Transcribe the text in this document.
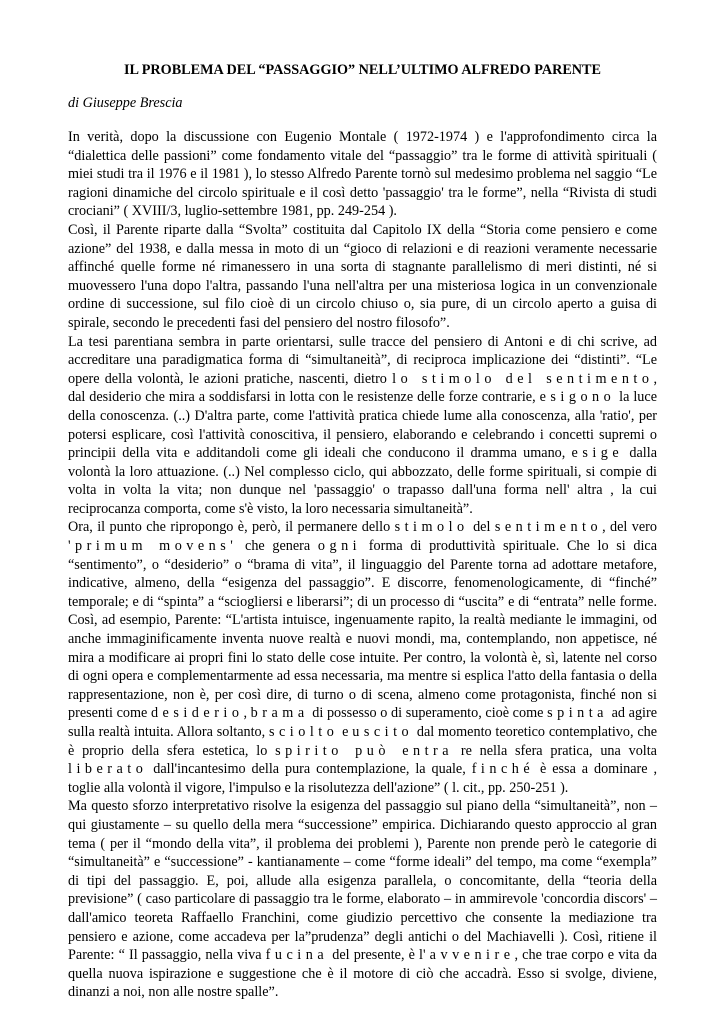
IL PROBLEMA DEL “PASSAGGIO” NELL’ULTIMO ALFREDO PARENTE
di Giuseppe Brescia

In verità, dopo la discussione con Eugenio Montale ( 1972-1974 ) e l'approfondimento circa la “dialettica delle passioni” come fondamento vitale del “passaggio” tra le forme di attività spirituali ( miei studi tra il 1976 e il 1981 ), lo stesso Alfredo Parente tornò sul medesimo problema nel saggio “Le ragioni dinamiche del circolo spirituale e il così detto 'passaggio' tra le forme”, nella “Rivista di studi crociani” ( XVIII/3, luglio-settembre 1981, pp. 249-254 ).

Così, il Parente riparte dalla “Svolta” costituita dal Capitolo IX della “Storia come pensiero e come azione” del 1938, e dalla messa in moto di un “gioco di relazioni e di reazioni veramente necessarie affinché quelle forme né rimanessero in una sorta di stagnante parallelismo di meri distinti, né si muovessero l'una dopo l'altra, passando l'una nell'altra per una misteriosa logica in un convenzionale ordine di successione, sul filo cioè di un circolo chiuso o, sia pure, di un circolo aperto a guisa di spirale, secondo le precedenti fasi del pensiero del nostro filosofo”.

La tesi parentiana sembra in parte orientarsi, sulle tracce del pensiero di Antoni e di chi scrive, ad accreditare una paradigmatica forma di “simultaneità”, di reciproca implicazione dei “distinti”. “Le opere della volontà, le azioni pratiche, nascenti, dietro lo stimolo del sentimento, dal desiderio che mira a soddisfarsi in lotta con le resistenze delle forze contrarie, esigono la luce della conoscenza. (..) D'altra parte, come l'attività pratica chiede lume alla conoscenza, alla 'ratio', per potersi esplicare, così l'attività conoscitiva, il pensiero, elaborando e celebrando i concetti supremi o principii della vita e additandoli come gli ideali che conducono il dramma umano, esige dalla volontà la loro attuazione. (..) Nel complesso ciclo, qui abbozzato, delle forme spirituali, si compie di volta in volta la vita; non dunque nel 'passaggio' o trapasso dall'una forma nell' altra , la cui reciprocanza comporta, come s'è visto, la loro necessaria simultaneità”.

Ora, il punto che ripropongo è, però, il permanere dello stimolo del sentimento, del vero 'primum movens' che genera ogni forma di produttività spirituale. Che lo si dica “sentimento”, o “desiderio” o “brama di vita”, il linguaggio del Parente torna ad adottare metafore, indicative, almeno, della “esigenza del passaggio”. E discorre, fenomenologicamente, di “finché” temporale; e di “spinta” a “sciogliersi e liberarsi”; di un processo di “uscita” e di “entrata” nelle forme. Così, ad esempio, Parente: “L'artista intuisce, ingenuamente rapito, la realtà mediante le immagini, od anche immaginificamente inventa nuove realtà e nuovi mondi, ma, contemplando, non appetisce, né mira a modificare ai propri fini lo stato delle cose intuite. Per contro, la volontà è, sì, latente nel corso di ogni opera e complementarmente ad essa necessaria, ma mentre si esplica l'atto della fantasia o della rappresentazione, non è, per così dire, di turno o di scena, almeno come protagonista, finché non si presenti come desiderio, brama di possesso o di superamento, cioè come spinta ad agire sulla realtà intuita. Allora soltanto, sciolto e uscito dal momento teoretico contemplativo, che è proprio della sfera estetica, lo spirito può entra re nella sfera pratica, una volta liberato dall'incantesimo della pura contemplazione, la quale, finché è essa a dominare , toglie alla volontà il vigore, l'impulso e la risolutezza dell'azione” ( l. cit., pp. 250-251 ).

Ma questo sforzo interpretativo risolve la esigenza del passaggio sul piano della “simultaneità”, non – qui giustamente – su quello della mera “successione” empirica. Dichiarando questo approccio al gran tema ( per il “mondo della vita”, il problema dei problemi ), Parente non prende però le categorie di “simultaneità” e “successione” - kantianamente – come “forme ideali” del tempo, ma come “exempla” di tipi del passaggio. E, poi, allude alla esigenza parallela, o concomitante, della “teoria della previsione” ( caso particolare di passaggio tra le forme, elaborato – in ammirevole 'concordia discors' – dall'amico teoreta Raffaello Franchini, come giudizio percettivo che consente la mediazione tra pensiero e azione, come accadeva per la”prudenza” degli antichi o del Machiavelli ). Così, ritiene il Parente: “ Il passaggio, nella viva fucina del presente, è l' avvenire, che trae corpo e vita da quella nuova ispirazione e suggestione che è il motore di ciò che accadrà. Esso si svolge, diviene, dinanzi a noi, non alle nostre spalle”.
